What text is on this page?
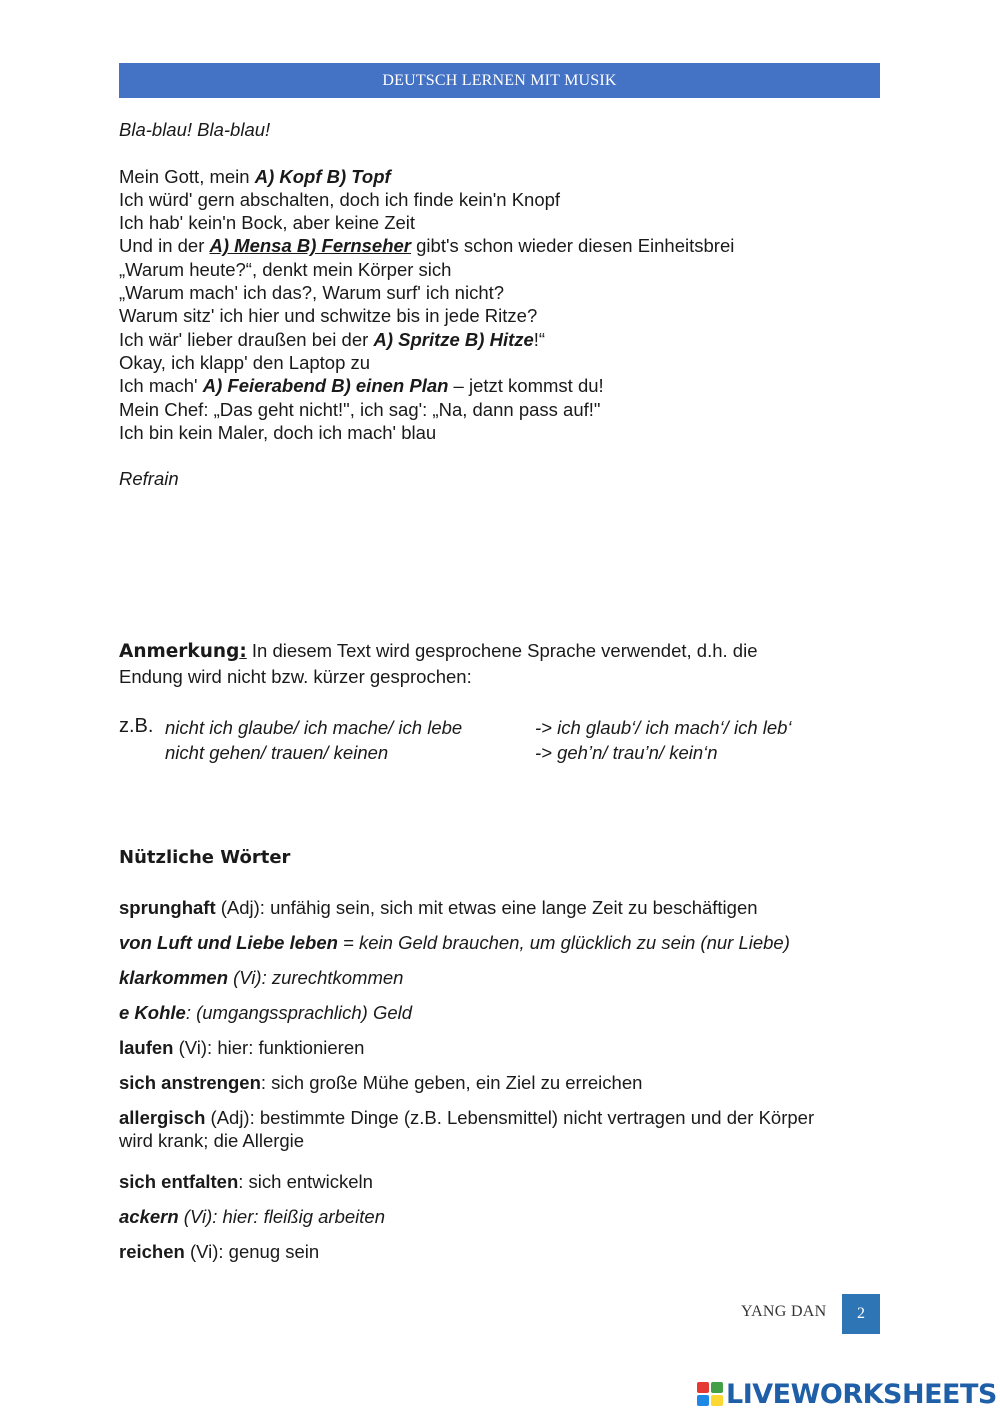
DEUTSCH LERNEN MIT MUSIK
Bla-blau! Bla-blau!
Mein Gott, mein A) Kopf B) Topf
Ich würd' gern abschalten, doch ich finde kein'n Knopf
Ich hab' kein'n Bock, aber keine Zeit
Und in der A) Mensa B) Fernseher gibt's schon wieder diesen Einheitsbrei
„Warum heute?“, denkt mein Körper sich
„Warum mach' ich das?, Warum surf' ich nicht?
Warum sitz' ich hier und schwitze bis in jede Ritze?
Ich wär' lieber draußen bei der A) Spritze B) Hitze!“
Okay, ich klapp' den Laptop zu
Ich mach' A) Feierabend B) einen Plan – jetzt kommst du!
Mein Chef: „Das geht nicht!", ich sag': „Na, dann pass auf!"
Ich bin kein Maler, doch ich mach' blau
Refrain
Anmerkung: In diesem Text wird gesprochene Sprache verwendet, d.h. die
Endung wird nicht bzw. kürzer gesprochen:
z.B. nicht ich glaube/ ich mache/ ich lebe	-> ich glaub‘/ ich mach‘/ ich leb‘
nicht gehen/ trauen/ keinen	-> geh’n/ trau’n/ kein‘n
Nützliche Wörter
sprunghaft (Adj): unfähig sein, sich mit etwas eine lange Zeit zu beschäftigen
von Luft und Liebe leben = kein Geld brauchen, um glücklich zu sein (nur Liebe)
klarkommen (Vi): zurechtkommen
e Kohle: (umgangssprachlich) Geld
laufen (Vi): hier: funktionieren
sich anstrengen: sich große Mühe geben, ein Ziel zu erreichen
allergisch (Adj): bestimmte Dinge (z.B. Lebensmittel) nicht vertragen und der Körper
wird krank; die Allergie
sich entfalten: sich entwickeln
ackern (Vi): hier: fleißig arbeiten
reichen (Vi): genug sein
YANG DAN	2
LIVEWORKSHEETS
